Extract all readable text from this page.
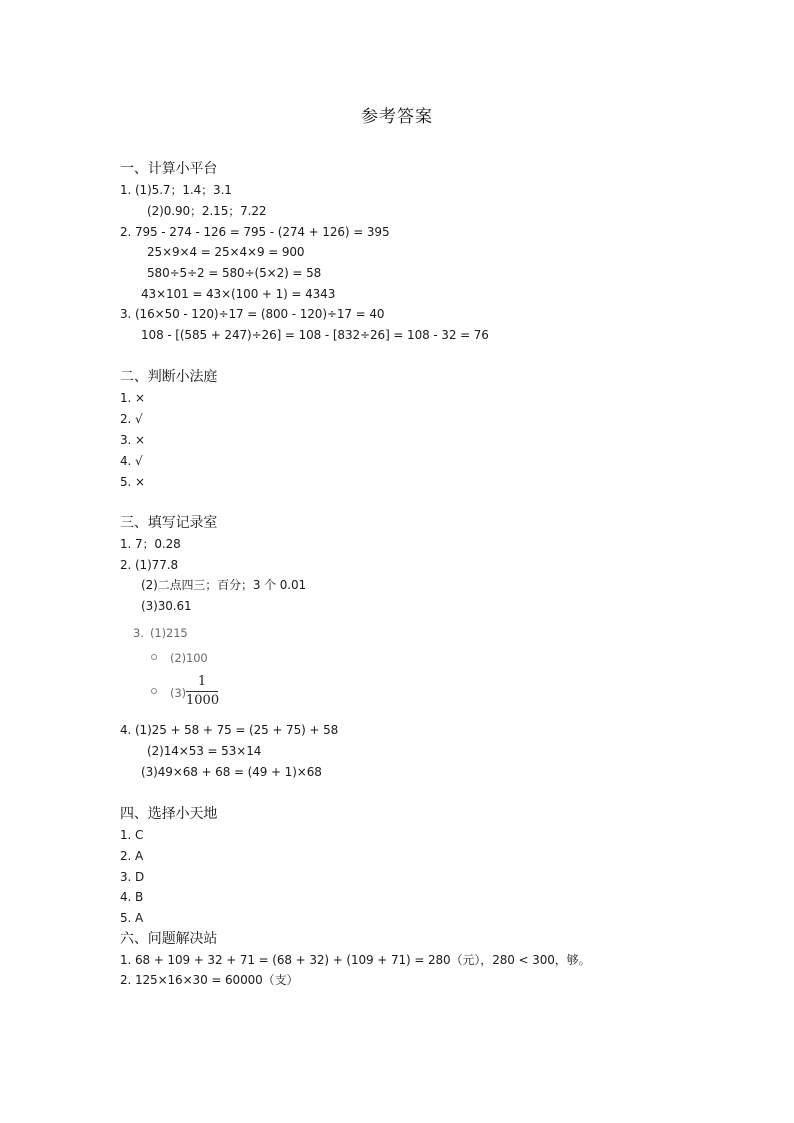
参考答案
一、计算小平台
1. (1)5.7；1.4；3.1
(2)0.90；2.15；7.22
2. 795 - 274 - 126 = 795 - (274 + 126) = 395
25×9×4 = 25×4×9 = 900
580÷5÷2 = 580÷(5×2) = 58
43×101 = 43×(100 + 1) = 4343
3. (16×50 - 120)÷17 = (800 - 120)÷17 = 40
108 - [(585 + 247)÷26] = 108 - [832÷26] = 108 - 32 = 76
二、判断小法庭
1. ×
2. √
3. ×
4. √
5. ×
三、填写记录室
1. 7；0.28
2. (1)77.8
(2)二点四三；百分；3 个 0.01
(3)30.61
3. (1)215
(2)100
(3)
1
1000
4. (1)25 + 58 + 75 = (25 + 75) + 58
(2)14×53 = 53×14
(3)49×68 + 68 = (49 + 1)×68
四、选择小天地
1. C
2. A
3. D
4. B
5. A
六、问题解决站
1. 68 + 109 + 32 + 71 = (68 + 32) + (109 + 71) = 280（元），280 < 300，够。
2. 125×16×30 = 60000（支）
